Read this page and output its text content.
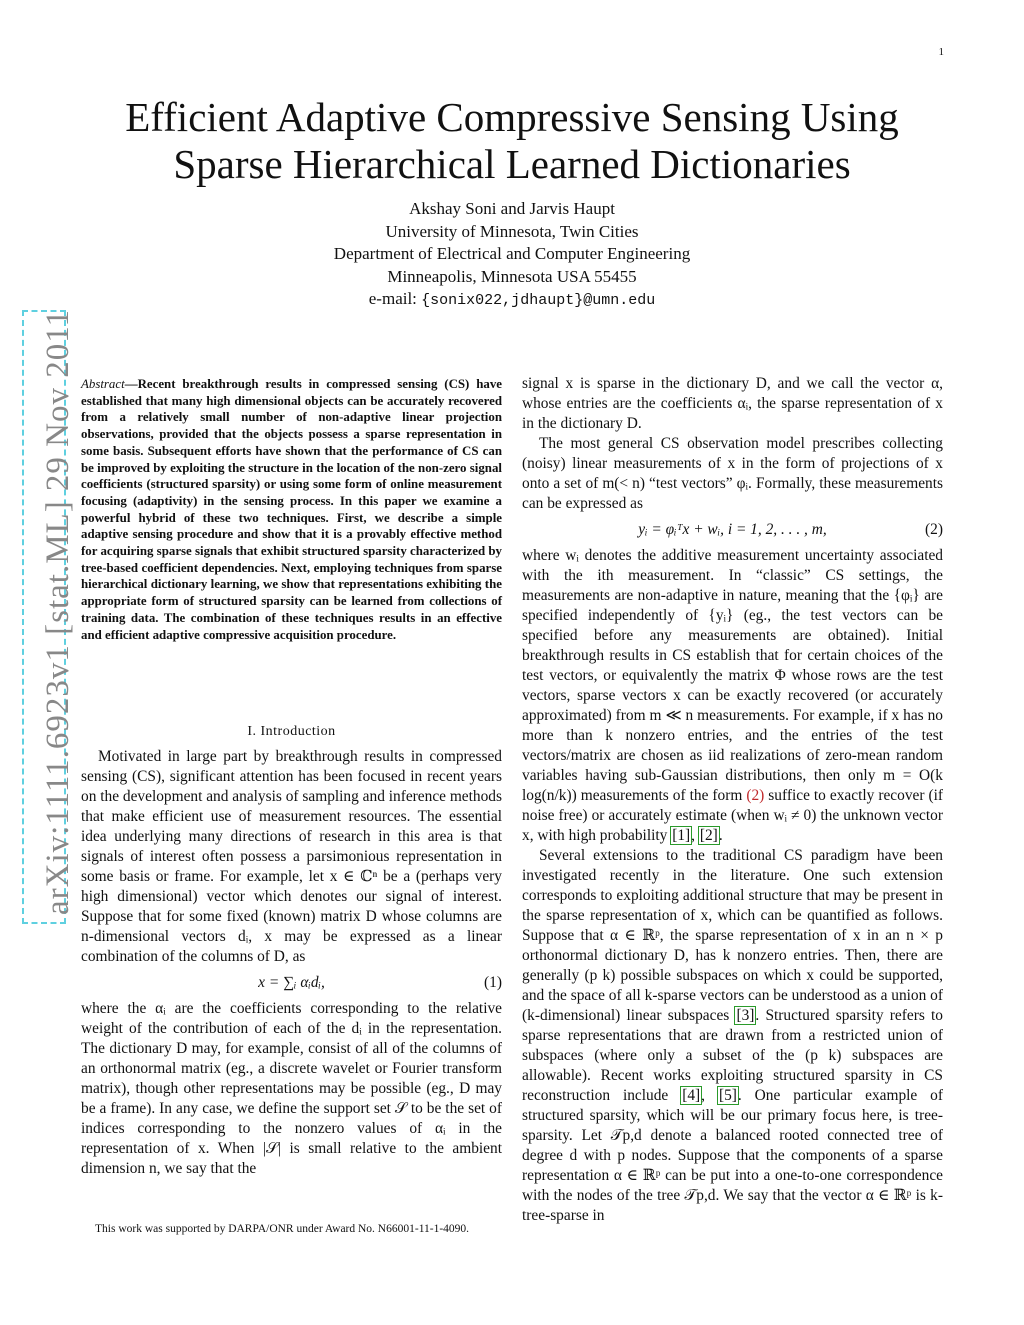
1
arXiv:1111.6923v1 [stat.ML] 29 Nov 2011
Efficient Adaptive Compressive Sensing Using
Sparse Hierarchical Learned Dictionaries
Akshay Soni and Jarvis Haupt
University of Minnesota, Twin Cities
Department of Electrical and Computer Engineering
Minneapolis, Minnesota USA 55455
e-mail: {sonix022,jdhaupt}@umn.edu
Abstract—Recent breakthrough results in compressed sensing (CS) have established that many high dimensional objects can be accurately recovered from a relatively small number of non-adaptive linear projection observations, provided that the objects possess a sparse representation in some basis. Subsequent efforts have shown that the performance of CS can be improved by exploiting the structure in the location of the non-zero signal coefficients (structured sparsity) or using some form of online measurement focusing (adaptivity) in the sensing process. In this paper we examine a powerful hybrid of these two techniques. First, we describe a simple adaptive sensing procedure and show that it is a provably effective method for acquiring sparse signals that exhibit structured sparsity characterized by tree-based coefficient dependencies. Next, employing techniques from sparse hierarchical dictionary learning, we show that representations exhibiting the appropriate form of structured sparsity can be learned from collections of training data. The combination of these techniques results in an effective and efficient adaptive compressive acquisition procedure.

I. Introduction

Motivated in large part by breakthrough results in compressed sensing (CS), significant attention has been focused in recent years on the development and analysis of sampling and inference methods that make efficient use of measurement resources. The essential idea underlying many directions of research in this area is that signals of interest often possess a parsimonious representation in some basis or frame. For example, let x ∈ ℂⁿ be a (perhaps very high dimensional) vector which denotes our signal of interest. Suppose that for some fixed (known) matrix D whose columns are n-dimensional vectors dᵢ, x may be expressed as a linear combination of the columns of D, as

x = ∑ᵢ αᵢdᵢ,	(1)

where the αᵢ are the coefficients corresponding to the relative weight of the contribution of each of the dᵢ in the representation. The dictionary D may, for example, consist of all of the columns of an orthonormal matrix (eg., a discrete wavelet or Fourier transform matrix), though other representations may be possible (eg., D may be a frame). In any case, we define the support set 𝒮 to be the set of indices corresponding to the nonzero values of αᵢ in the representation of x. When |𝒮| is small relative to the ambient dimension n, we say that the

This work was supported by DARPA/ONR under Award No. N66001-11-1-4090.

signal x is sparse in the dictionary D, and we call the vector α, whose entries are the coefficients αᵢ, the sparse representation of x in the dictionary D.

The most general CS observation model prescribes collecting (noisy) linear measurements of x in the form of projections of x onto a set of m(< n) “test vectors” φᵢ. Formally, these measurements can be expressed as

yᵢ = φᵢᵀx + wᵢ, i = 1, 2, . . . , m,	(2)

where wᵢ denotes the additive measurement uncertainty associated with the ith measurement. In “classic” CS settings, the measurements are non-adaptive in nature, meaning that the {φᵢ} are specified independently of {yᵢ} (eg., the test vectors can be specified before any measurements are obtained). Initial breakthrough results in CS establish that for certain choices of the test vectors, or equivalently the matrix Φ whose rows are the test vectors, sparse vectors x can be exactly recovered (or accurately approximated) from m ≪ n measurements. For example, if x has no more than k nonzero entries, and the entries of the test vectors/matrix are chosen as iid realizations of zero-mean random variables having sub-Gaussian distributions, then only m = O(k log(n/k)) measurements of the form (2) suffice to exactly recover (if noise free) or accurately estimate (when wᵢ ≠ 0) the unknown vector x, with high probability [1], [2].

Several extensions to the traditional CS paradigm have been investigated recently in the literature. One such extension corresponds to exploiting additional structure that may be present in the sparse representation of x, which can be quantified as follows. Suppose that α ∈ ℝᵖ, the sparse representation of x in an n × p orthonormal dictionary D, has k nonzero entries. Then, there are generally (p k) possible subspaces on which x could be supported, and the space of all k-sparse vectors can be understood as a union of (k-dimensional) linear subspaces [3]. Structured sparsity refers to sparse representations that are drawn from a restricted union of subspaces (where only a subset of the (p k) subspaces are allowable). Recent works exploiting structured sparsity in CS reconstruction include [4], [5]. One particular example of structured sparsity, which will be our primary focus here, is tree-sparsity. Let 𝒯p,d denote a balanced rooted connected tree of degree d with p nodes. Suppose that the components of a sparse representation α ∈ ℝᵖ can be put into a one-to-one correspondence with the nodes of the tree 𝒯p,d. We say that the vector α ∈ ℝᵖ is k-tree-sparse in
